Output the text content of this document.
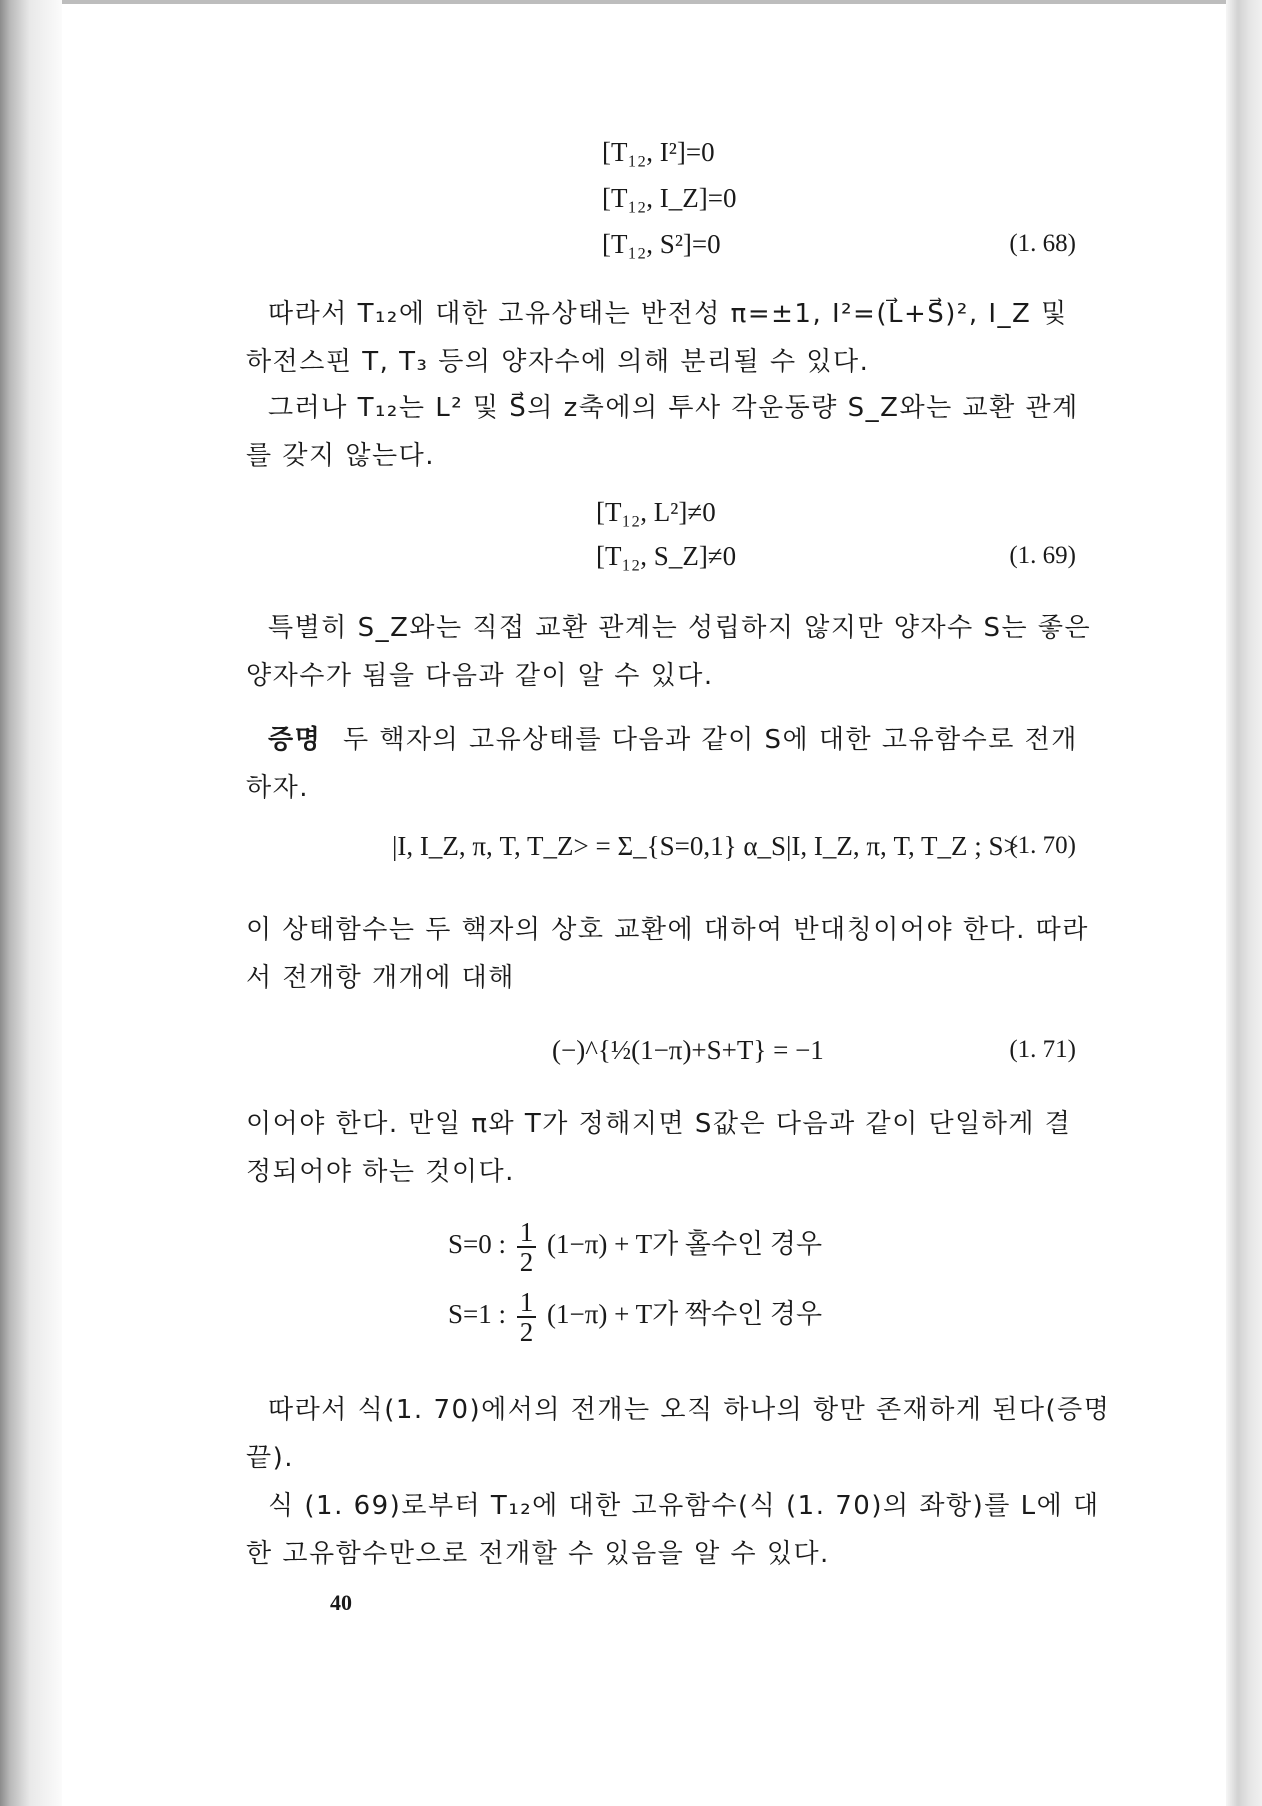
[T₁₂, I²]=0
[T₁₂, I_Z]=0
[T₁₂, S²]=0	(1. 68)
따라서 T₁₂에 대한 고유상태는 반전성 π=±1, I²=(L⃗+S⃗)², I_Z 및
하전스핀 T, T₃ 등의 양자수에 의해 분리될 수 있다.
그러나 T₁₂는 L² 및 S⃗의 z축에의 투사 각운동량 S_Z와는 교환 관계
를 갖지 않는다.
[T₁₂, L²]≠0
[T₁₂, S_Z]≠0	(1. 69)
특별히 S_Z와는 직접 교환 관계는 성립하지 않지만 양자수 S는 좋은
양자수가 됨을 다음과 같이 알 수 있다.
증명 두 핵자의 고유상태를 다음과 같이 S에 대한 고유함수로 전개
하자.
|I, I_Z, π, T, T_Z> = Σ_{S=0,1} α_S|I, I_Z, π, T, T_Z ; S>
(1. 70)
이 상태함수는 두 핵자의 상호 교환에 대하여 반대칭이어야 한다. 따라
서 전개항 개개에 대해
(−)^{½(1−π)+S+T} = −1	(1. 71)
이어야 한다. 만일 π와 T가 정해지면 S값은 다음과 같이 단일하게 결
정되어야 하는 것이다.
S=0 : $\frac{1}{2} (1-\pi) + T$가 홀수인 경우
S=1 : $\frac{1}{2} (1-\pi) + T$가 짝수인 경우
따라서 식(1. 70)에서의 전개는 오직 하나의 항만 존재하게 된다(증명
끝).
식 (1. 69)로부터 T₁₂에 대한 고유함수(식 (1. 70)의 좌항)를 L에 대
한 고유함수만으로 전개할 수 있음을 알 수 있다.
40
